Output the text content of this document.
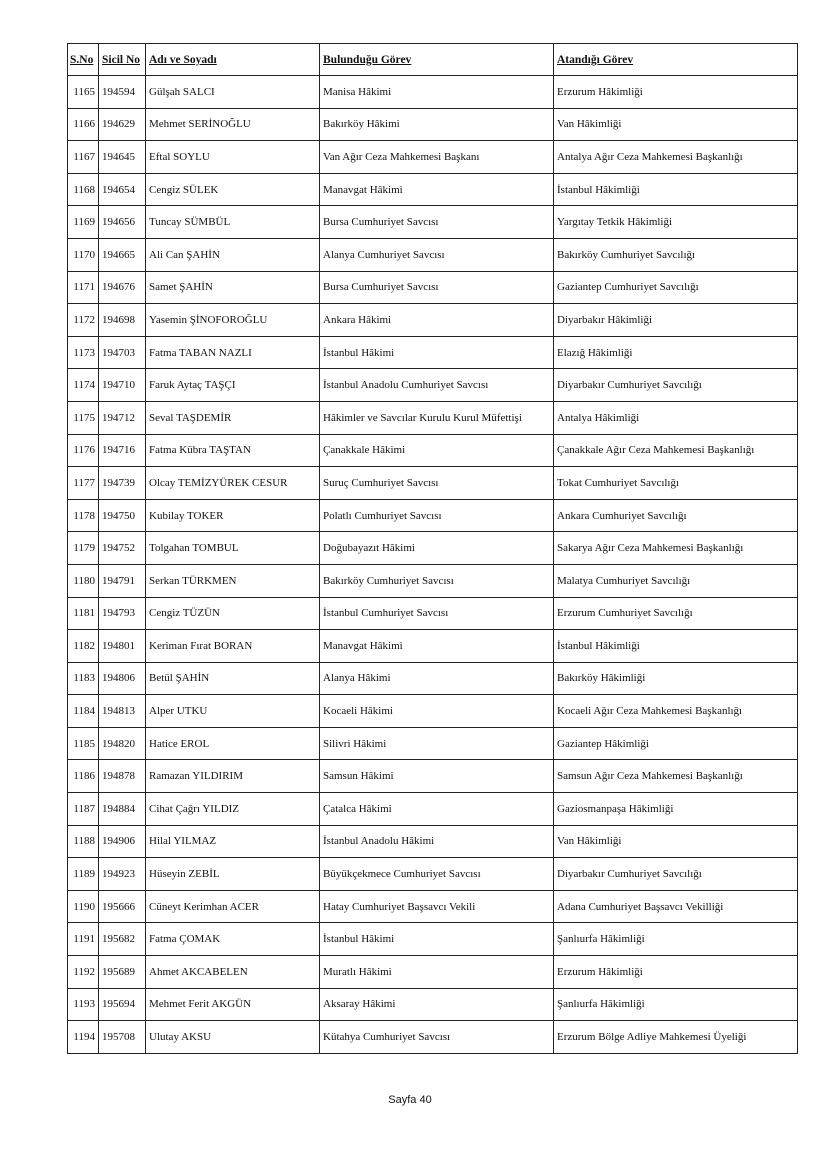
S.No	Sicil No	Adı ve Soyadı	Bulunduğu Görev	Atandığı Görev
1165	194594	Gülşah SALCI	Manisa Hâkimi	Erzurum Hâkimliği
1166	194629	Mehmet SERİNOĞLU	Bakırköy Hâkimi	Van Hâkimliği
1167	194645	Eftal SOYLU	Van Ağır Ceza Mahkemesi Başkanı	Antalya Ağır Ceza Mahkemesi Başkanlığı
1168	194654	Cengiz SÜLEK	Manavgat Hâkimi	İstanbul Hâkimliği
1169	194656	Tuncay SÜMBÜL	Bursa Cumhuriyet Savcısı	Yargıtay Tetkik Hâkimliği
1170	194665	Ali Can ŞAHİN	Alanya Cumhuriyet Savcısı	Bakırköy Cumhuriyet Savcılığı
1171	194676	Samet ŞAHİN	Bursa Cumhuriyet Savcısı	Gaziantep Cumhuriyet Savcılığı
1172	194698	Yasemin ŞİNOFOROĞLU	Ankara Hâkimi	Diyarbakır Hâkimliği
1173	194703	Fatma TABAN NAZLI	İstanbul Hâkimi	Elazığ Hâkimliği
1174	194710	Faruk Aytaç TAŞÇI	İstanbul Anadolu Cumhuriyet Savcısı	Diyarbakır Cumhuriyet Savcılığı
1175	194712	Seval TAŞDEMİR	Hâkimler ve Savcılar Kurulu Kurul Müfettişi	Antalya Hâkimliği
1176	194716	Fatma Kübra TAŞTAN	Çanakkale Hâkimi	Çanakkale Ağır Ceza Mahkemesi Başkanlığı
1177	194739	Olcay TEMİZYÜREK CESUR	Suruç Cumhuriyet Savcısı	Tokat Cumhuriyet Savcılığı
1178	194750	Kubilay TOKER	Polatlı Cumhuriyet Savcısı	Ankara Cumhuriyet Savcılığı
1179	194752	Tolgahan TOMBUL	Doğubayazıt Hâkimi	Sakarya Ağır Ceza Mahkemesi Başkanlığı
1180	194791	Serkan TÜRKMEN	Bakırköy Cumhuriyet Savcısı	Malatya Cumhuriyet Savcılığı
1181	194793	Cengiz TÜZÜN	İstanbul Cumhuriyet Savcısı	Erzurum Cumhuriyet Savcılığı
1182	194801	Keriman Fırat BORAN	Manavgat Hâkimi	İstanbul Hâkimliği
1183	194806	Betül ŞAHİN	Alanya Hâkimi	Bakırköy Hâkimliği
1184	194813	Alper UTKU	Kocaeli Hâkimi	Kocaeli Ağır Ceza Mahkemesi Başkanlığı
1185	194820	Hatice EROL	Silivri Hâkimi	Gaziantep Hâkimliği
1186	194878	Ramazan YILDIRIM	Samsun Hâkimi	Samsun Ağır Ceza Mahkemesi Başkanlığı
1187	194884	Cihat Çağrı YILDIZ	Çatalca Hâkimi	Gaziosmanpaşa Hâkimliği
1188	194906	Hilal YILMAZ	İstanbul Anadolu Hâkimi	Van Hâkimliği
1189	194923	Hüseyin ZEBİL	Büyükçekmece Cumhuriyet Savcısı	Diyarbakır Cumhuriyet Savcılığı
1190	195666	Cüneyt Kerimhan ACER	Hatay Cumhuriyet Başsavcı Vekili	Adana Cumhuriyet Başsavcı Vekilliği
1191	195682	Fatma ÇOMAK	İstanbul Hâkimi	Şanlıurfa Hâkimliği
1192	195689	Ahmet AKCABELEN	Muratlı Hâkimi	Erzurum Hâkimliği
1193	195694	Mehmet Ferit AKGÜN	Aksaray Hâkimi	Şanlıurfa Hâkimliği
1194	195708	Ulutay AKSU	Kütahya Cumhuriyet Savcısı	Erzurum Bölge Adliye Mahkemesi Üyeliği
Sayfa 40
